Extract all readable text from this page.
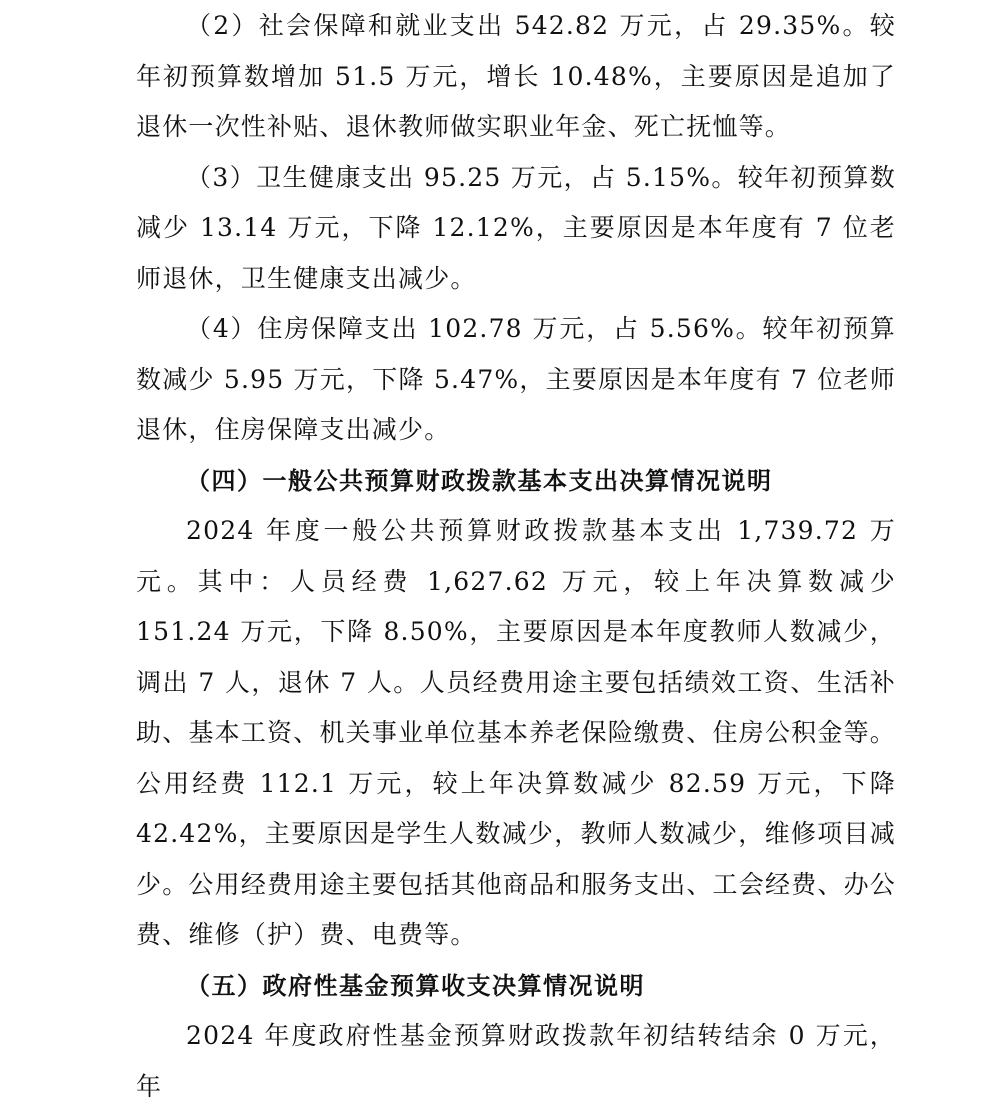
（2）社会保障和就业支出 542.82 万元，占 29.35%。较年初预算数增加 51.5 万元，增长 10.48%，主要原因是追加了退休一次性补贴、退休教师做实职业年金、死亡抚恤等。

（3）卫生健康支出 95.25 万元，占 5.15%。较年初预算数减少 13.14 万元，下降 12.12%，主要原因是本年度有 7 位老师退休，卫生健康支出减少。

（4）住房保障支出 102.78 万元，占 5.56%。较年初预算数减少 5.95 万元，下降 5.47%，主要原因是本年度有 7 位老师退休，住房保障支出减少。

（四）一般公共预算财政拨款基本支出决算情况说明

2024 年度一般公共预算财政拨款基本支出 1,739.72 万元。其中：人员经费 1,627.62 万元，较上年决算数减少 151.24 万元，下降 8.50%，主要原因是本年度教师人数减少，调出 7 人，退休 7 人。人员经费用途主要包括绩效工资、生活补助、基本工资、机关事业单位基本养老保险缴费、住房公积金等。公用经费 112.1 万元，较上年决算数减少 82.59 万元，下降 42.42%，主要原因是学生人数减少，教师人数减少，维修项目减少。公用经费用途主要包括其他商品和服务支出、工会经费、办公费、维修（护）费、电费等。

（五）政府性基金预算收支决算情况说明

2024 年度政府性基金预算财政拨款年初结转结余 0 万元，年
